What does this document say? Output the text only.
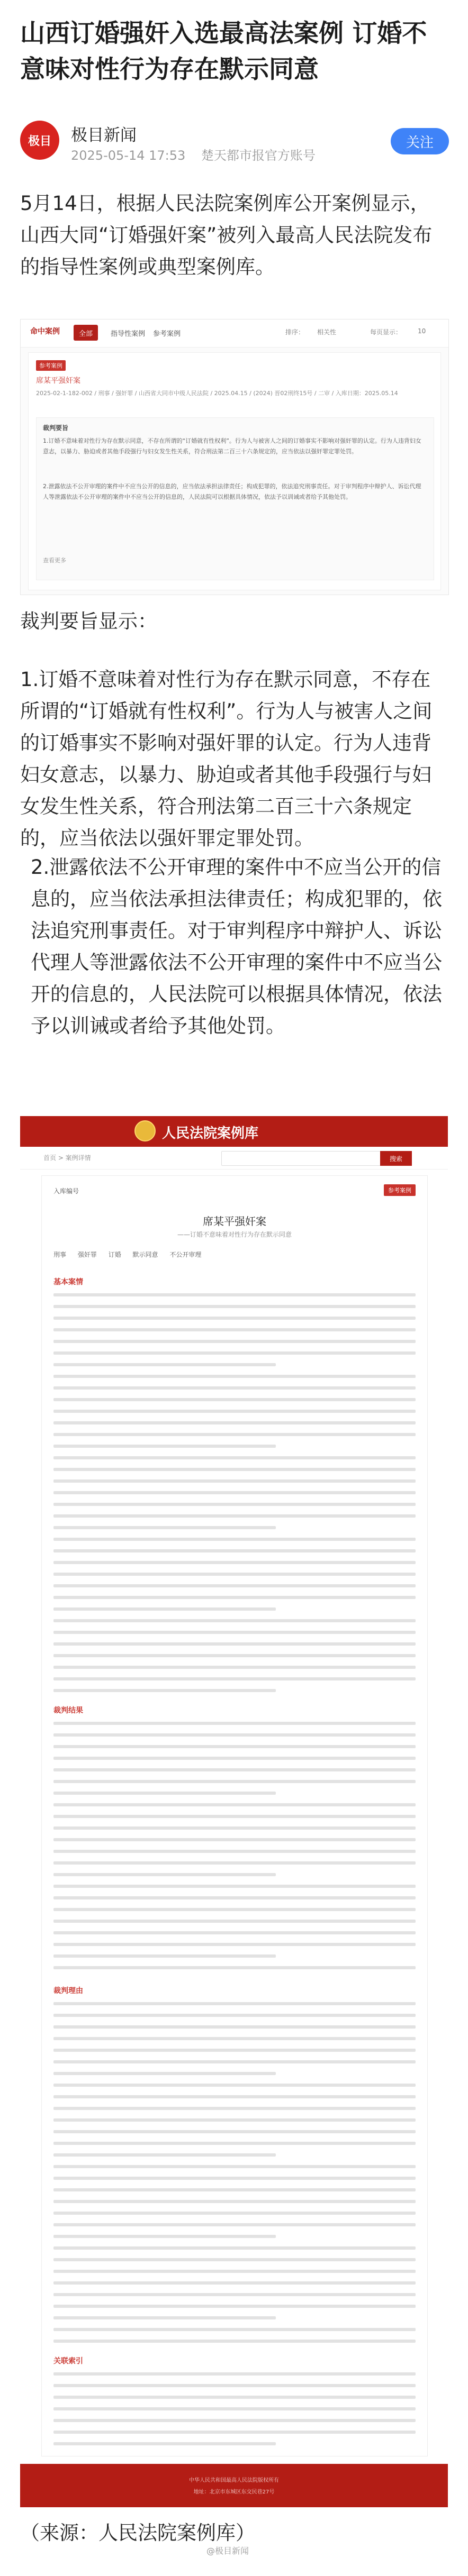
山西订婚强奸入选最高法案例 订婚不意味对性行为存在默示同意
极目	极目新闻
2025-05-14 17:53 楚天都市报官方账号
关注
5月14日，根据人民法院案例库公开案例显示，山西大同“订婚强奸案”被列入最高人民法院发布的指导性案例或典型案例库。
命中案例	全部	指导性案例	参考案例	排序： 相关性	每页显示： 10
参考案例
席某平强奸案
2025-02-1-182-002 / 刑事 / 强奸罪 / 山西省大同市中级人民法院 / 2025.04.15 / (2024) 晋02刑终15号 / 二审 / 入库日期：2025.05.14
裁判要旨
1.订婚不意味着对性行为存在默示同意，不存在所谓的“订婚就有性权利”。行为人与被害人之间的订婚事实不影响对强奸罪的认定。行为人违背妇女意志，以暴力、胁迫或者其他手段强行与妇女发生性关系，符合刑法第二百三十六条规定的，应当依法以强奸罪定罪处罚。
2.泄露依法不公开审理的案件中不应当公开的信息的，应当依法承担法律责任；构成犯罪的，依法追究刑事责任。对于审判程序中辩护人、诉讼代理人等泄露依法不公开审理的案件中不应当公开的信息的，人民法院可以根据具体情况，依法予以训诫或者给予其他处罚。
查看更多
裁判要旨显示：
1.订婚不意味着对性行为存在默示同意，不存在所谓的“订婚就有性权利”。行为人与被害人之间的订婚事实不影响对强奸罪的认定。行为人违背妇女意志，以暴力、胁迫或者其他手段强行与妇女发生性关系，符合刑法第二百三十六条规定的，应当依法以强奸罪定罪处罚。
2.泄露依法不公开审理的案件中不应当公开的信息的，应当依法承担法律责任；构成犯罪的，依法追究刑事责任。对于审判程序中辩护人、诉讼代理人等泄露依法不公开审理的案件中不应当公开的信息的，人民法院可以根据具体情况，依法予以训诫或者给予其他处罚。
人民法院案例库
首页 > 案例详情	搜索
入库编号	参考案例
席某平强奸案
——订婚不意味着对性行为存在默示同意
刑事 强奸罪 订婚 默示同意 不公开审理
基本案情
裁判结果
裁判理由
关联索引
中华人民共和国最高人民法院版权所有
地址：北京市东城区东交民巷27号
（来源：人民法院案例库）
@极目新闻
